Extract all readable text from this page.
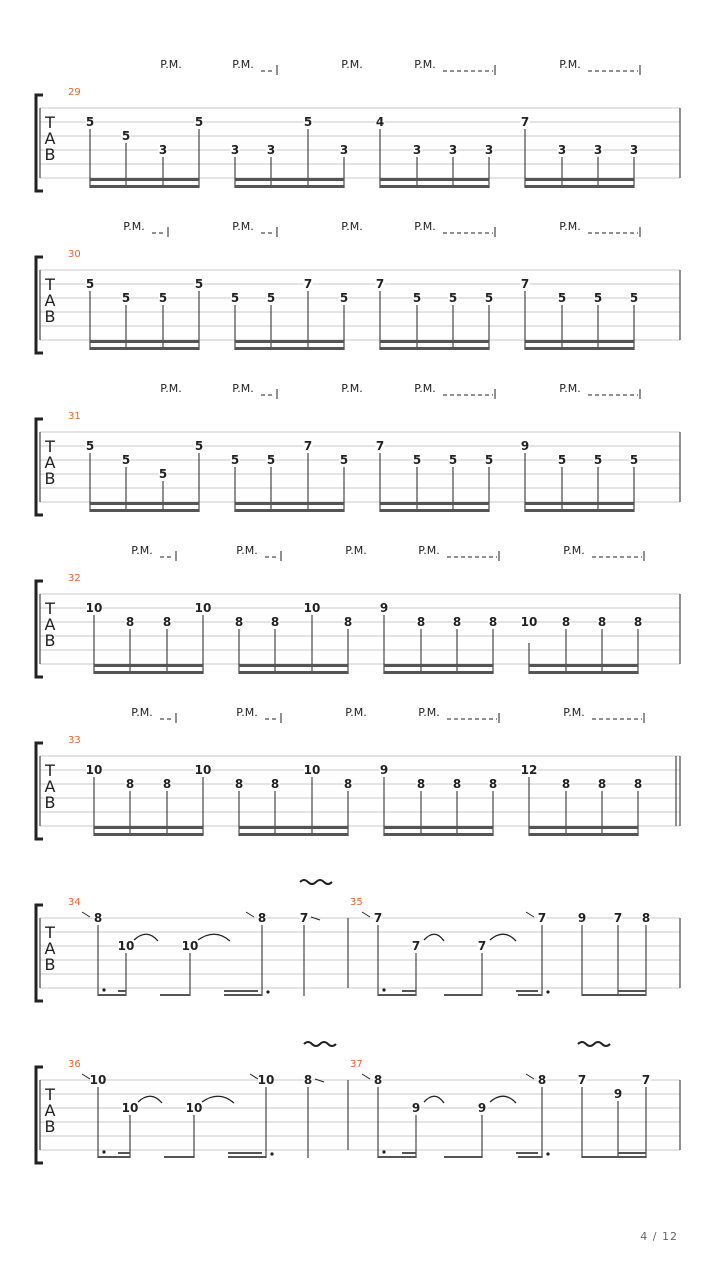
T
A
B
29
P.M.	P.M.	P.M.	P.M.	P.M.
5
5
3
5
3 3
5
3
4
3 3 3
7
3 3 3
T
A
B
30
P.M.	P.M.	P.M.	P.M.	P.M.
5
5 5
5
5 5
7
5
7
5 5 5
7
5 5 5
T
A
B
31
P.M.	P.M.	P.M.	P.M.	P.M.
5
5
5
5
5 5
7
5
7
5 5 5
9
5 5 5
T
A
B
32
P.M.	P.M.	P.M.	P.M.	P.M.
10
8 8
10
8 8
10
8
9
8 8 8 10 8 8 8
T
A
B
33
P.M.	P.M.	P.M.	P.M.	P.M.
10
8 8
10
8 8
10
8
9
8 8 8
12
8 8 8
T
A
B
34	35
8
10	10
8	7	7
7	7
7	9 7 8
T
A
B
36	37
10
10	10
10 8	8
9	9
8	7
9
7
4 / 12
